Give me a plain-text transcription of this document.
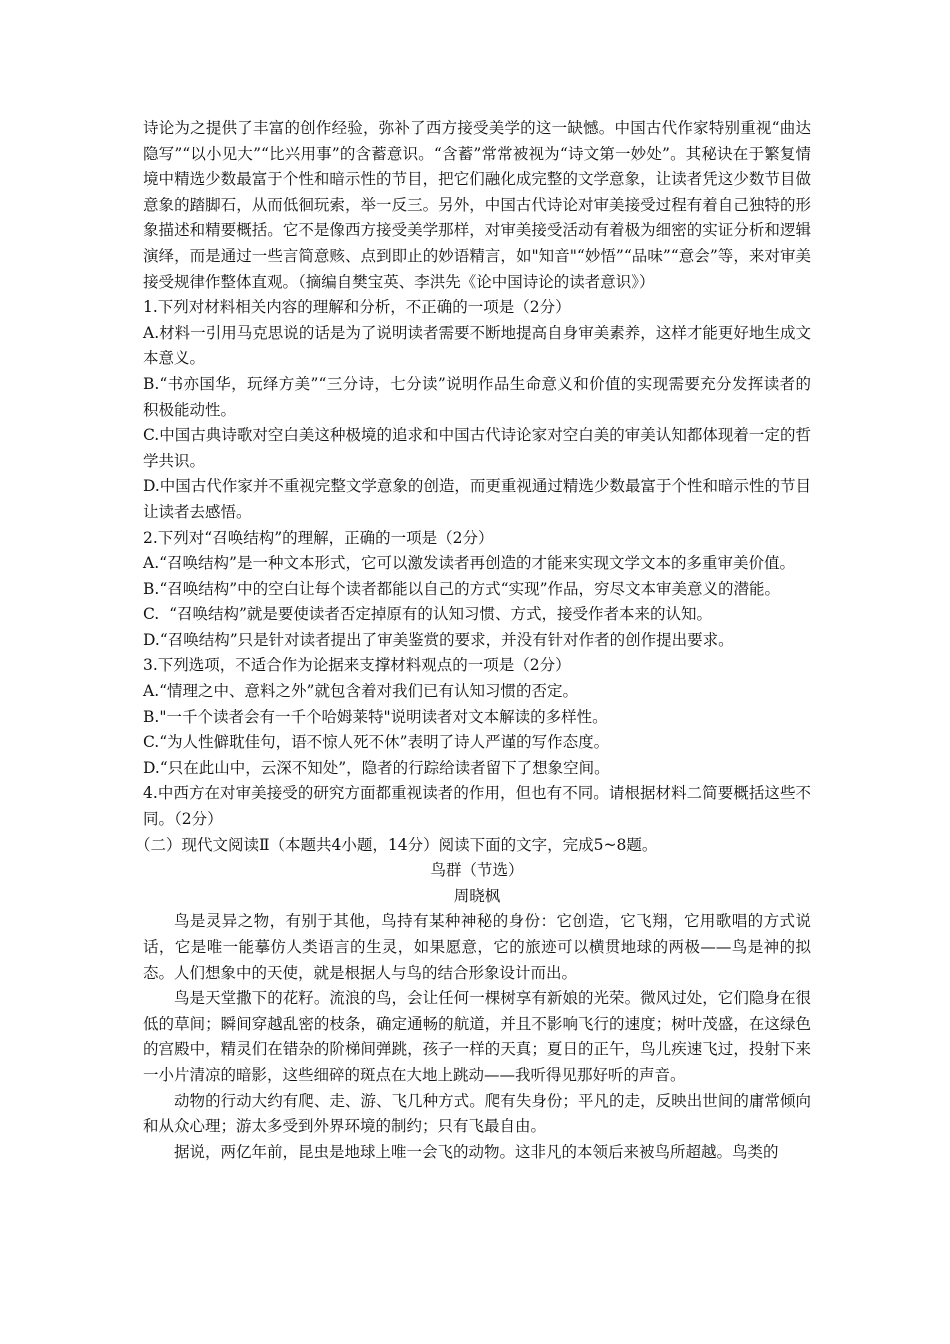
诗论为之提供了丰富的创作经验，弥补了西方接受美学的这一缺憾。中国古代作家特别重视“曲达隐写”“以小见大”“比兴用事”的含蓄意识。“含蓄”常常被视为“诗文第一妙处”。其秘诀在于繁复情境中精选少数最富于个性和暗示性的节目，把它们融化成完整的文学意象，让读者凭这少数节目做意象的踏脚石，从而低徊玩索，举一反三。另外，中国古代诗论对审美接受过程有着自己独特的形象描述和精要概括。它不是像西方接受美学那样，对审美接受活动有着极为细密的实证分析和逻辑演绎，而是通过一些言简意赅、点到即止的妙语精言，如"知音"“妙悟”“品味”“意会”等，来对审美接受规律作整体直观。（摘编自樊宝英、李洪先《论中国诗论的读者意识》）

1.下列对材料相关内容的理解和分析，不正确的一项是（2分）

A.材料一引用马克思说的话是为了说明读者需要不断地提高自身审美素养，这样才能更好地生成文本意义。

B.“书亦国华，玩绎方美”“三分诗，七分读”说明作品生命意义和价值的实现需要充分发挥读者的积极能动性。

C.中国古典诗歌对空白美这种极境的追求和中国古代诗论家对空白美的审美认知都体现着一定的哲学共识。

D.中国古代作家并不重视完整文学意象的创造，而更重视通过精选少数最富于个性和暗示性的节目让读者去感悟。

2.下列对“召唤结构”的理解，正确的一项是（2分）

A.“召唤结构”是一种文本形式，它可以激发读者再创造的才能来实现文学文本的多重审美价值。

B.“召唤结构”中的空白让每个读者都能以自己的方式“实现”作品，穷尽文本审美意义的潜能。

C.  “召唤结构”就是要使读者否定掉原有的认知习惯、方式，接受作者本来的认知。

D.“召唤结构”只是针对读者提出了审美鉴赏的要求，并没有针对作者的创作提出要求。

3.下列选项，不适合作为论据来支撑材料观点的一项是（2分）

A.“情理之中、意料之外”就包含着对我们已有认知习惯的否定。

B."一千个读者会有一千个哈姆莱特"说明读者对文本解读的多样性。

C.“为人性僻耽佳句，语不惊人死不休”表明了诗人严谨的写作态度。

D.“只在此山中，云深不知处”，隐者的行踪给读者留下了想象空间。

4.中西方在对审美接受的研究方面都重视读者的作用，但也有不同。请根据材料二简要概括这些不同。（2分）

（二）现代文阅读Ⅱ（本题共4小题，14分）阅读下面的文字，完成5~8题。

鸟群（节选）

周晓枫

鸟是灵异之物，有别于其他，鸟持有某种神秘的身份：它创造，它飞翔，它用歌唱的方式说话，它是唯一能摹仿人类语言的生灵，如果愿意，它的旅迹可以横贯地球的两极——鸟是神的拟态。人们想象中的天使，就是根据人与鸟的结合形象设计而出。

鸟是天堂撒下的花籽。流浪的鸟，会让任何一棵树享有新娘的光荣。微风过处，它们隐身在很低的草间；瞬间穿越乱密的枝条，确定通畅的航道，并且不影响飞行的速度；树叶茂盛，在这绿色的宫殿中，精灵们在错杂的阶梯间弹跳，孩子一样的天真；夏日的正午，鸟儿疾速飞过，投射下来一小片清凉的暗影，这些细碎的斑点在大地上跳动——我听得见那好听的声音。

动物的行动大约有爬、走、游、飞几种方式。爬有失身份；平凡的走，反映出世间的庸常倾向和从众心理；游太多受到外界环境的制约；只有飞最自由。

据说，两亿年前，昆虫是地球上唯一会飞的动物。这非凡的本领后来被鸟所超越。鸟类的
